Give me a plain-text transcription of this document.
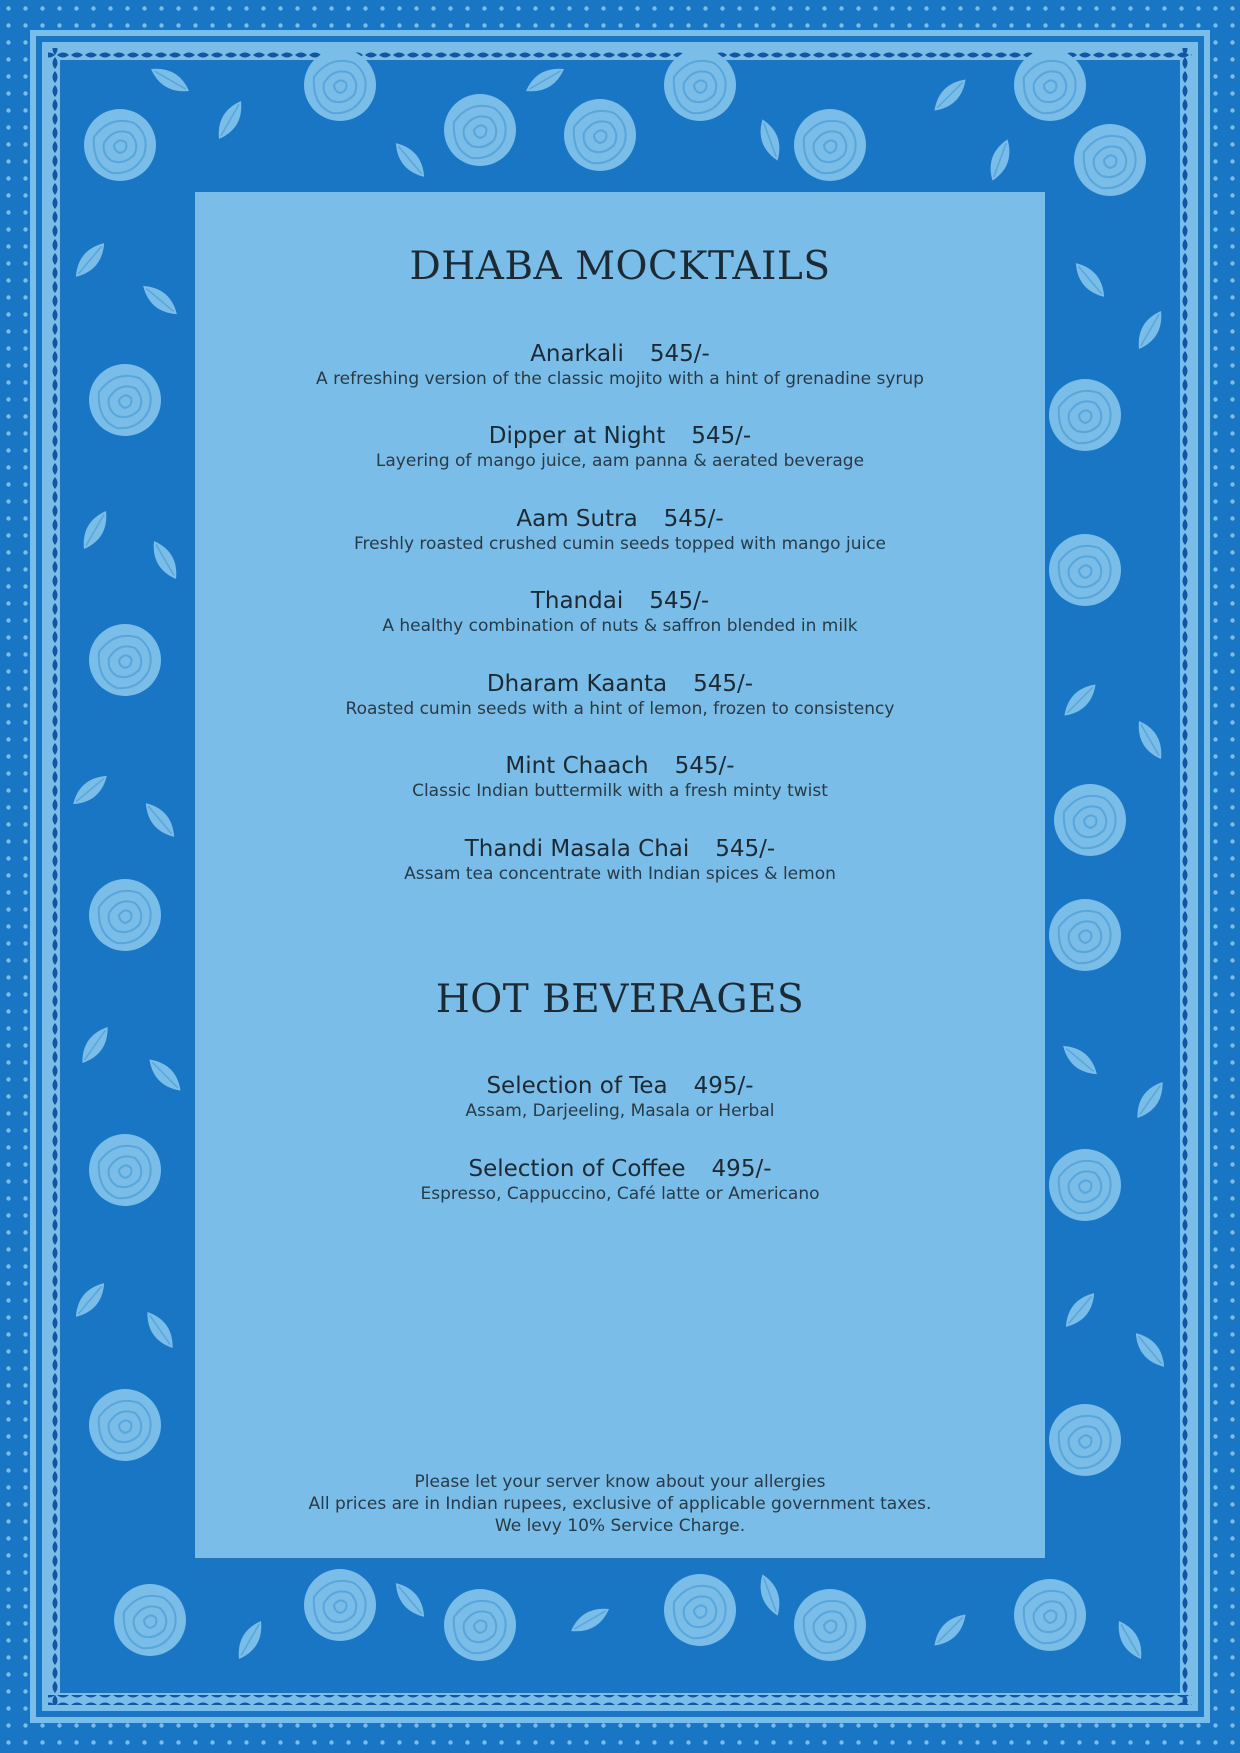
DHABA MOCKTAILS
Anarkali 545/-
A refreshing version of the classic mojito with a hint of grenadine syrup
Dipper at Night 545/-
Layering of mango juice, aam panna & aerated beverage
Aam Sutra 545/-
Freshly roasted crushed cumin seeds topped with mango juice
Thandai 545/-
A healthy combination of nuts & saffron blended in milk
Dharam Kaanta 545/-
Roasted cumin seeds with a hint of lemon, frozen to consistency
Mint Chaach 545/-
Classic Indian buttermilk with a fresh minty twist
Thandi Masala Chai 545/-
Assam tea concentrate with Indian spices & lemon
HOT BEVERAGES
Selection of Tea 495/-
Assam, Darjeeling, Masala or Herbal
Selection of Coffee 495/-
Espresso, Cappuccino, Café latte or Americano
Please let your server know about your allergies
All prices are in Indian rupees, exclusive of applicable government taxes.
We levy 10% Service Charge.
